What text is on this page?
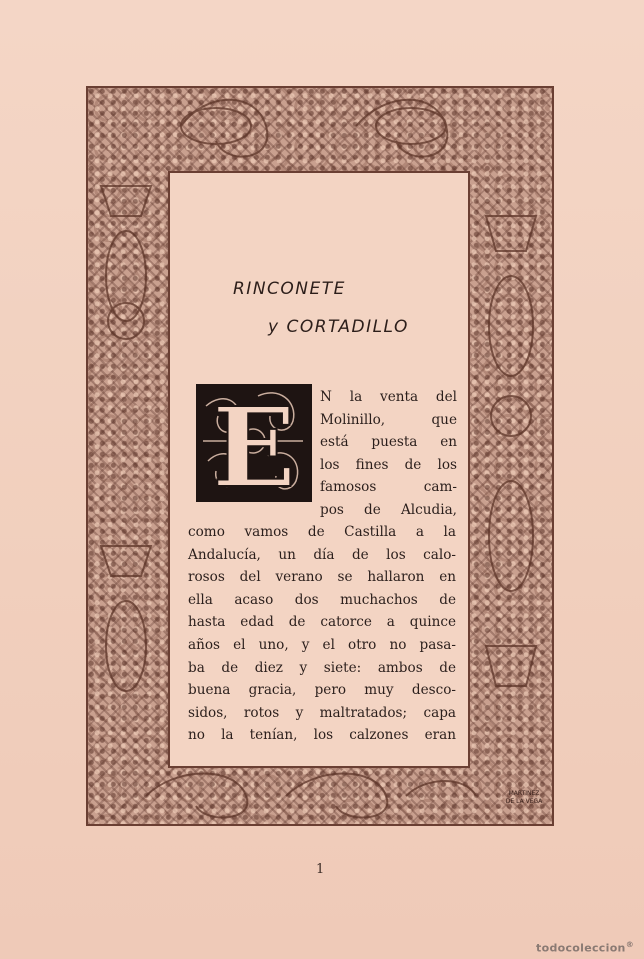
RINCONETE
y CORTADILLO
E N la venta del
Molinillo, que
está puesta en
los fines de los
famosos cam-
pos de Alcudia,
como vamos de Castilla a la
Andalucía, un día de los calo-
rosos del verano se hallaron en
ella acaso dos muchachos de
hasta edad de catorce a quince
años el uno, y el otro no pasa-
ba de diez y siete: ambos de
buena gracia, pero muy desco-
sidos, rotos y maltratados; capa
no la tenían, los calzones eran
MARTINEZ
DE LA VEGA
1
todocoleccion®
